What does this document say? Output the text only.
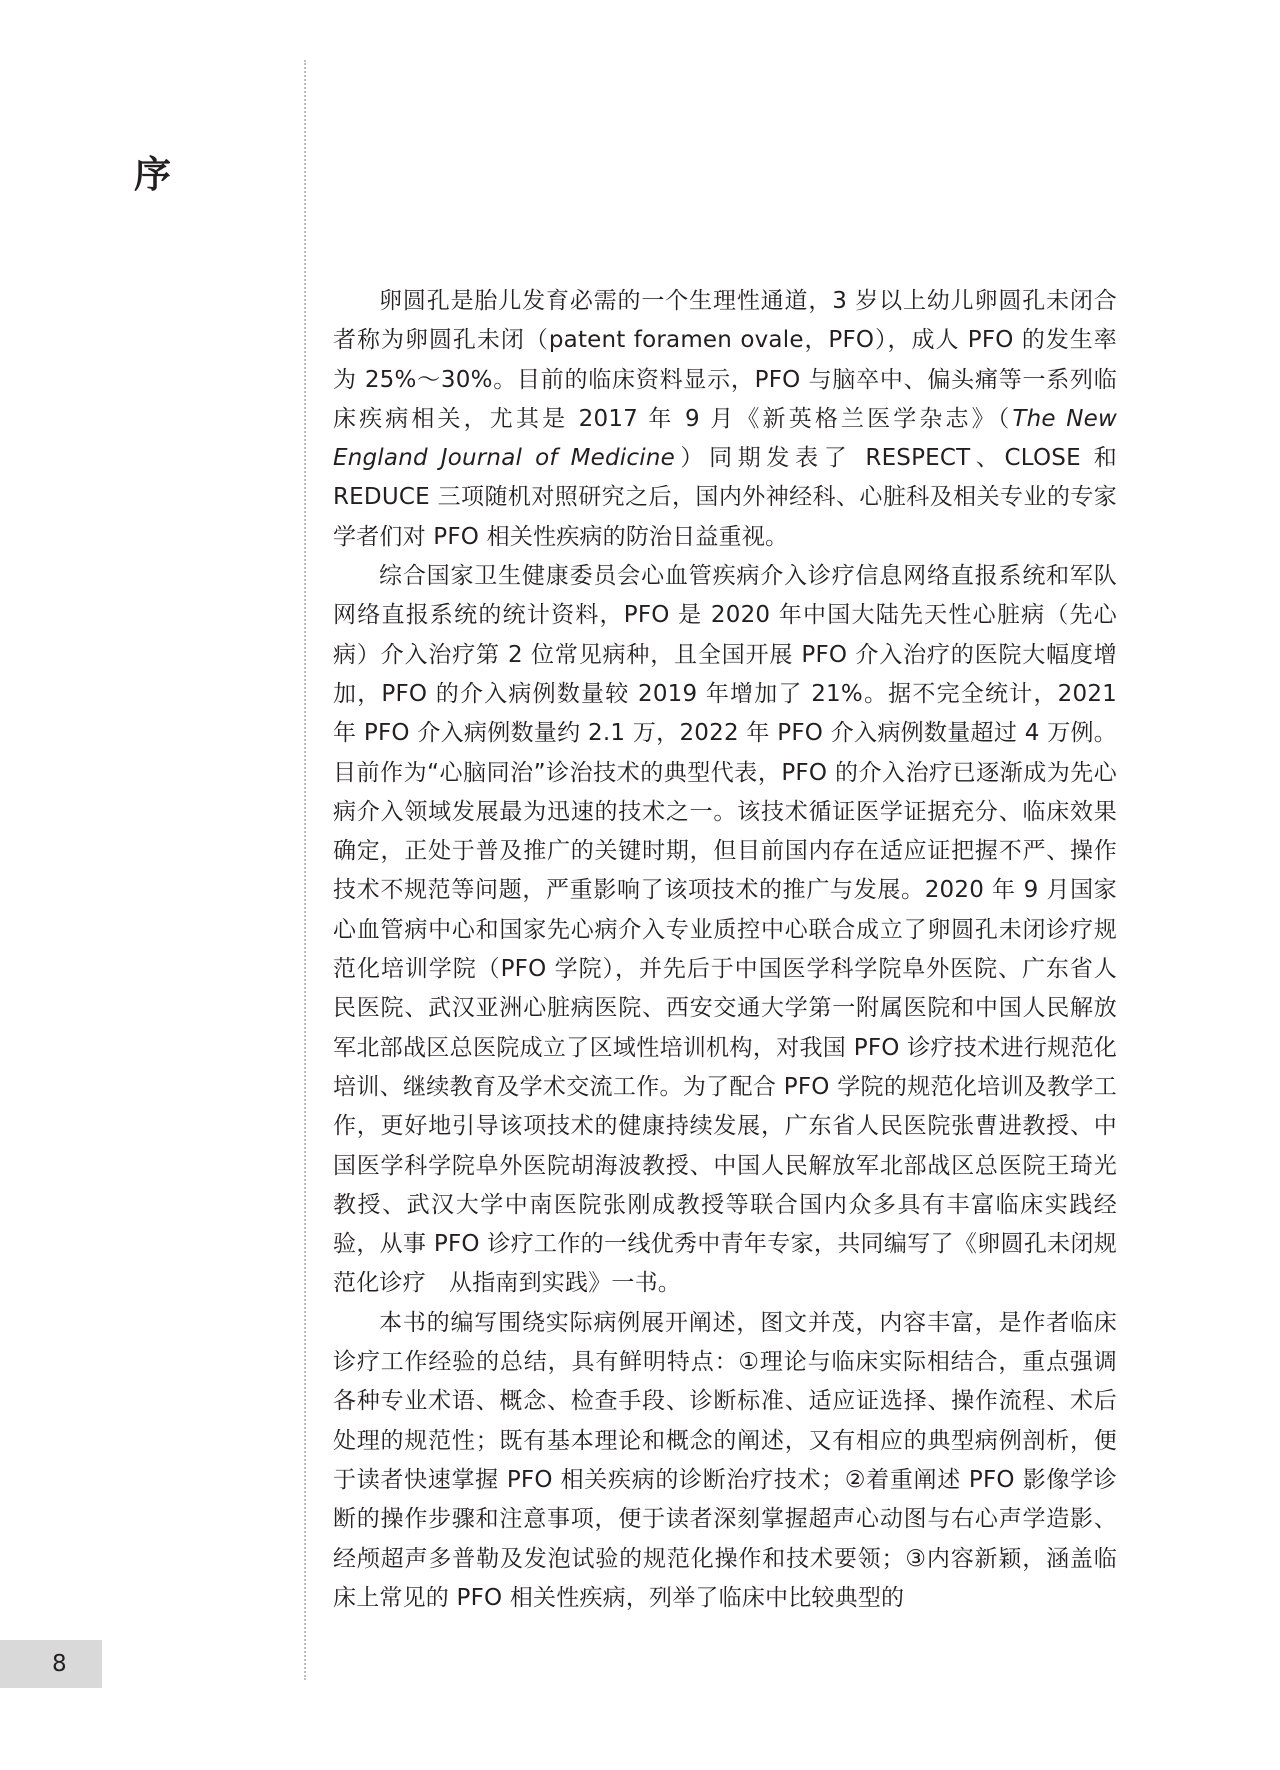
序

卵圆孔是胎儿发育必需的一个生理性通道，3 岁以上幼儿卵圆孔未闭合者称为卵圆孔未闭（patent foramen ovale，PFO），成人 PFO 的发生率为 25%～30%。目前的临床资料显示，PFO 与脑卒中、偏头痛等一系列临床疾病相关，尤其是 2017 年 9 月《新英格兰医学杂志》（The New England Journal of Medicine）同期发表了 RESPECT、CLOSE 和 REDUCE 三项随机对照研究之后，国内外神经科、心脏科及相关专业的专家学者们对 PFO 相关性疾病的防治日益重视。

综合国家卫生健康委员会心血管疾病介入诊疗信息网络直报系统和军队网络直报系统的统计资料，PFO 是 2020 年中国大陆先天性心脏病（先心病）介入治疗第 2 位常见病种，且全国开展 PFO 介入治疗的医院大幅度增加，PFO 的介入病例数量较 2019 年增加了 21%。据不完全统计，2021 年 PFO 介入病例数量约 2.1 万，2022 年 PFO 介入病例数量超过 4 万例。目前作为“心脑同治”诊治技术的典型代表，PFO 的介入治疗已逐渐成为先心病介入领域发展最为迅速的技术之一。该技术循证医学证据充分、临床效果确定，正处于普及推广的关键时期，但目前国内存在适应证把握不严、操作技术不规范等问题，严重影响了该项技术的推广与发展。2020 年 9 月国家心血管病中心和国家先心病介入专业质控中心联合成立了卵圆孔未闭诊疗规范化培训学院（PFO 学院），并先后于中国医学科学院阜外医院、广东省人民医院、武汉亚洲心脏病医院、西安交通大学第一附属医院和中国人民解放军北部战区总医院成立了区域性培训机构，对我国 PFO 诊疗技术进行规范化培训、继续教育及学术交流工作。为了配合 PFO 学院的规范化培训及教学工作，更好地引导该项技术的健康持续发展，广东省人民医院张曹进教授、中国医学科学院阜外医院胡海波教授、中国人民解放军北部战区总医院王琦光教授、武汉大学中南医院张刚成教授等联合国内众多具有丰富临床实践经验，从事 PFO 诊疗工作的一线优秀中青年专家，共同编写了《卵圆孔未闭规范化诊疗　从指南到实践》一书。

本书的编写围绕实际病例展开阐述，图文并茂，内容丰富，是作者临床诊疗工作经验的总结，具有鲜明特点：①理论与临床实际相结合，重点强调各种专业术语、概念、检查手段、诊断标准、适应证选择、操作流程、术后处理的规范性；既有基本理论和概念的阐述，又有相应的典型病例剖析，便于读者快速掌握 PFO 相关疾病的诊断治疗技术；②着重阐述 PFO 影像学诊断的操作步骤和注意事项，便于读者深刻掌握超声心动图与右心声学造影、经颅超声多普勒及发泡试验的规范化操作和技术要领；③内容新颖，涵盖临床上常见的 PFO 相关性疾病，列举了临床中比较典型的

8
